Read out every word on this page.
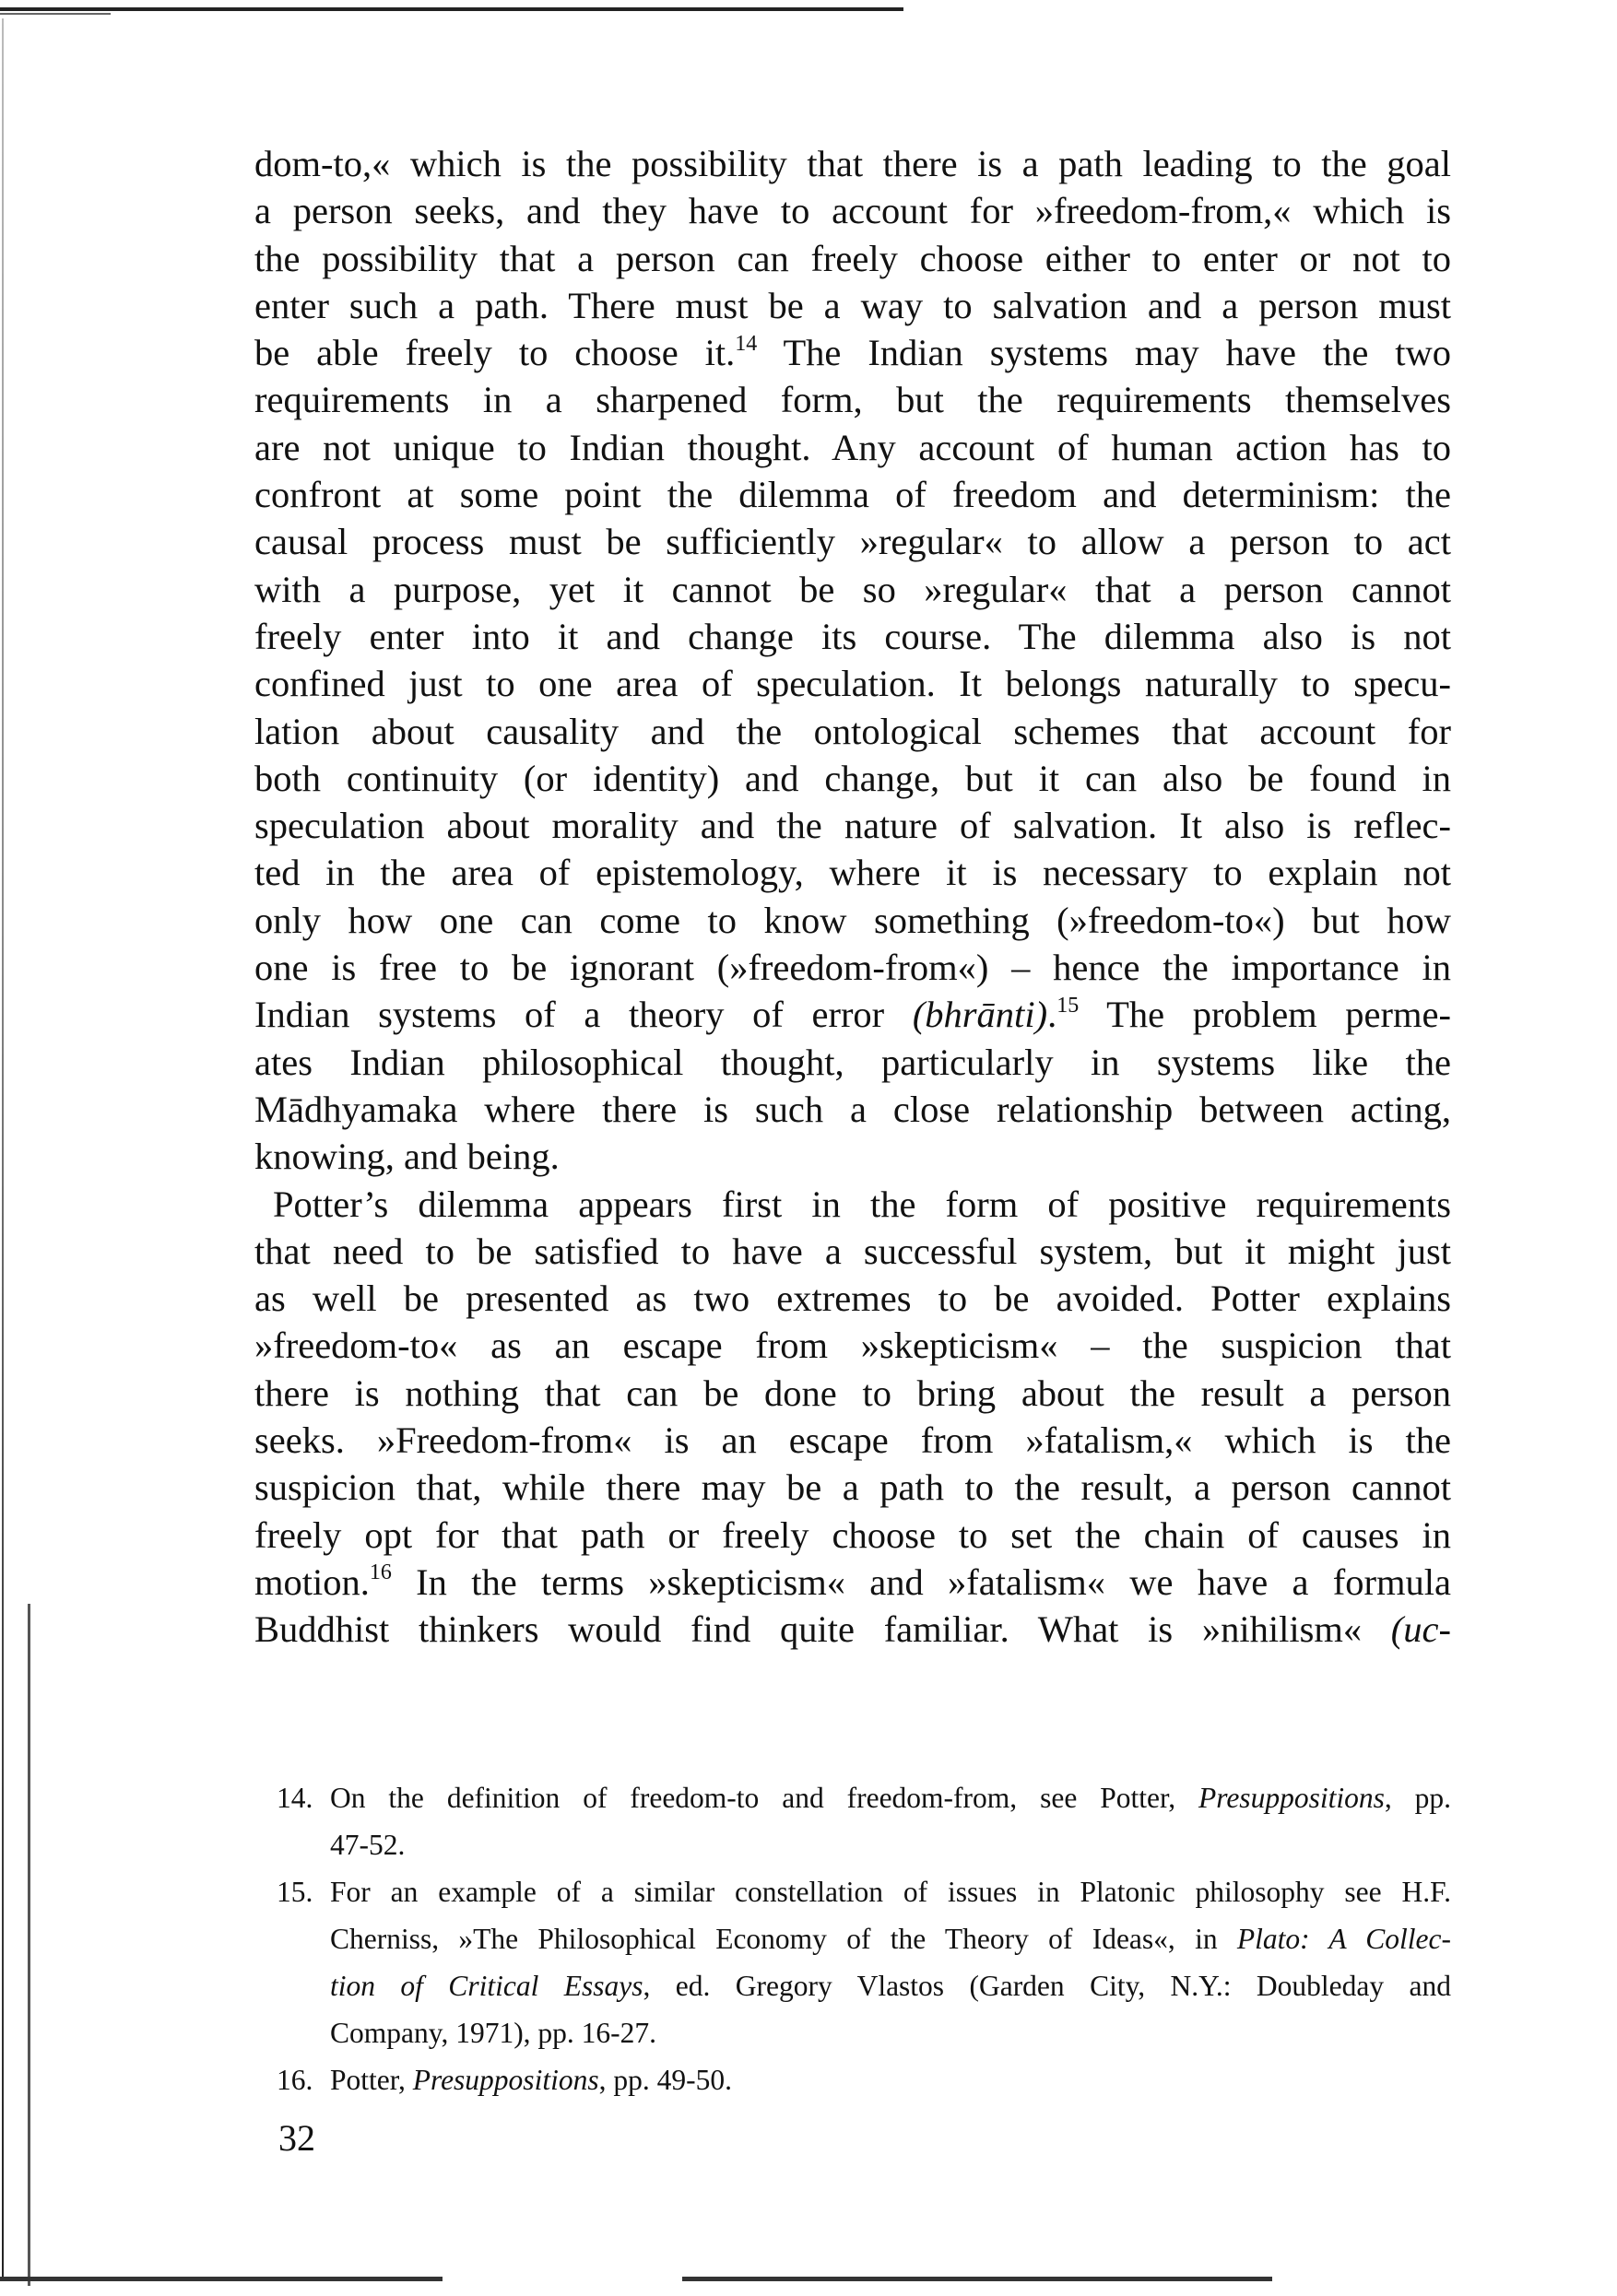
dom-to,« which is the possibility that there is a path leading to the goal
a person seeks, and they have to account for »freedom-from,« which is
the possibility that a person can freely choose either to enter or not to
enter such a path. There must be a way to salvation and a person must
be able freely to choose it.$^{14}$ The Indian systems may have the two
requirements in a sharpened form, but the requirements themselves
are not unique to Indian thought. Any account of human action has to
confront at some point the dilemma of freedom and determinism: the
causal process must be sufficiently »regular« to allow a person to act
with a purpose, yet it cannot be so »regular« that a person cannot
freely enter into it and change its course. The dilemma also is not
confined just to one area of speculation. It belongs naturally to specu-
lation about causality and the ontological schemes that account for
both continuity (or identity) and change, but it can also be found in
speculation about morality and the nature of salvation. It also is reflec-
ted in the area of epistemology, where it is necessary to explain not
only how one can come to know something (»freedom-to«) but how
one is free to be ignorant (»freedom-from«) – hence the importance in
Indian systems of a theory of error (bhrānti).$^{15}$ The problem perme-
ates Indian philosophical thought, particularly in systems like the
Mādhyamaka where there is such a close relationship between acting,
knowing, and being.
Potter’s dilemma appears first in the form of positive requirements
that need to be satisfied to have a successful system, but it might just
as well be presented as two extremes to be avoided. Potter explains
»freedom-to« as an escape from »skepticism« – the suspicion that
there is nothing that can be done to bring about the result a person
seeks. »Freedom-from« is an escape from »fatalism,« which is the
suspicion that, while there may be a path to the result, a person cannot
freely opt for that path or freely choose to set the chain of causes in
motion.$^{16}$ In the terms »skepticism« and »fatalism« we have a formula
Buddhist thinkers would find quite familiar. What is »nihilism« (uc-
14. On the definition of freedom-to and freedom-from, see Potter, Presuppositions, pp.
47-52.
15. For an example of a similar constellation of issues in Platonic philosophy see H.F.
Cherniss, »The Philosophical Economy of the Theory of Ideas«, in Plato: A Collec-
tion of Critical Essays, ed. Gregory Vlastos (Garden City, N.Y.: Doubleday and
Company, 1971), pp. 16-27.
16. Potter, Presuppositions, pp. 49-50.
32
